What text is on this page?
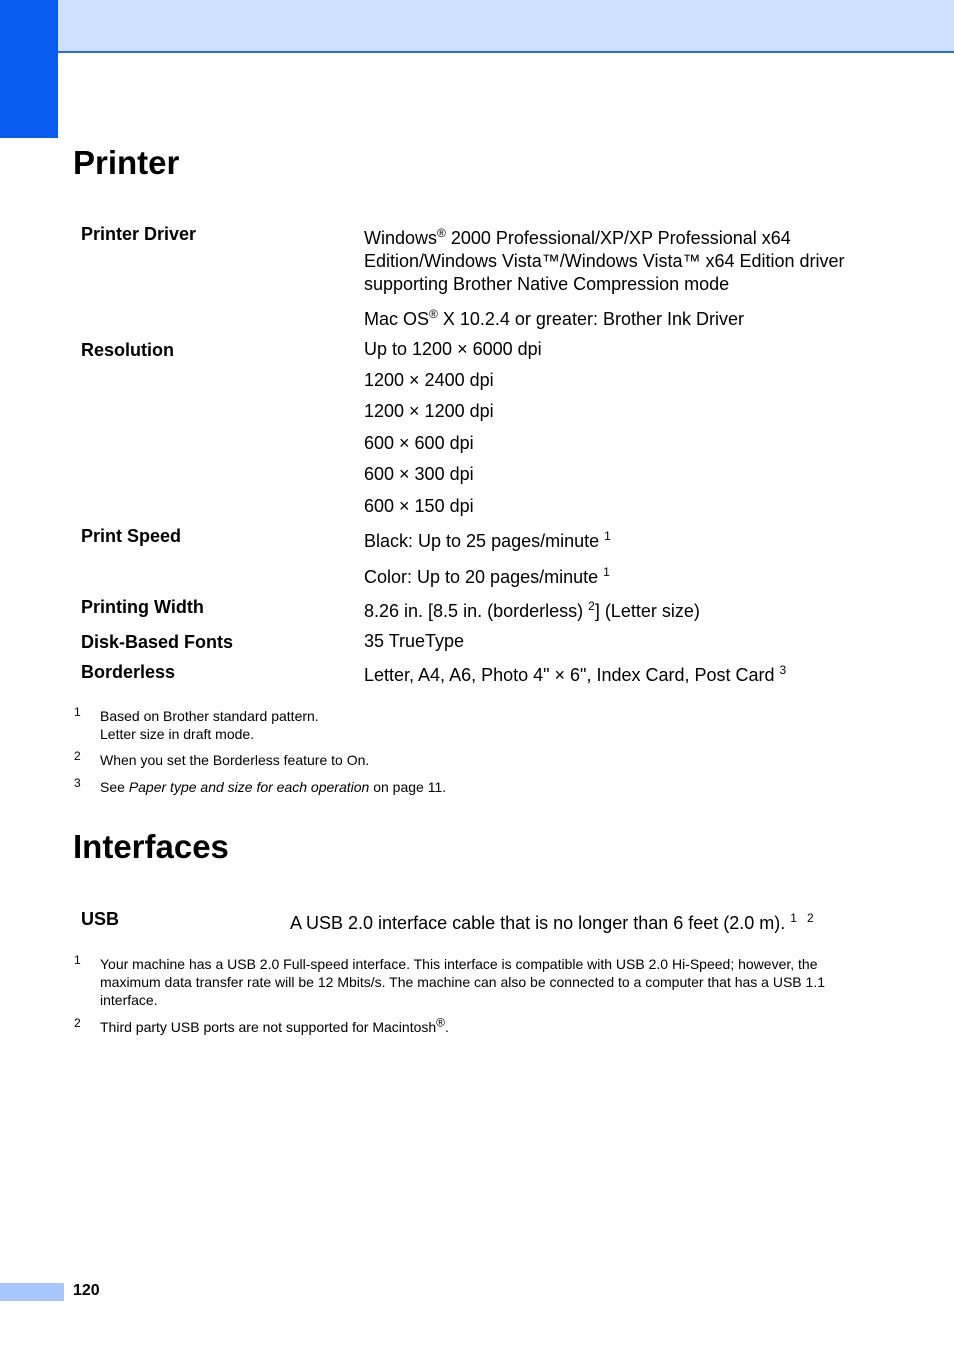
Printer
Printer Driver	Windows® 2000 Professional/XP/XP Professional x64
Edition/Windows Vista™/Windows Vista™ x64 Edition driver
supporting Brother Native Compression mode
Mac OS® X 10.2.4 or greater: Brother Ink Driver
Resolution	Up to 1200 × 6000 dpi
1200 × 2400 dpi
1200 × 1200 dpi
600 × 600 dpi
600 × 300 dpi
600 × 150 dpi
Print Speed	Black: Up to 25 pages/minute $^1$
Color: Up to 20 pages/minute $^1$
Printing Width	8.26 in. [8.5 in. (borderless) $^2$] (Letter size)
Disk-Based Fonts	35 TrueType
Borderless	Letter, A4, A6, Photo 4" × 6", Index Card, Post Card $^3$
1 Based on Brother standard pattern.
Letter size in draft mode.
2 When you set the Borderless feature to On.
3 See Paper type and size for each operation on page 11.
Interfaces
USB	A USB 2.0 interface cable that is no longer than 6 feet (2.0 m). $^1$ $^2$
1 Your machine has a USB 2.0 Full-speed interface. This interface is compatible with USB 2.0 Hi-Speed; however, the
maximum data transfer rate will be 12 Mbits/s. The machine can also be connected to a computer that has a USB 1.1
interface.
2 Third party USB ports are not supported for Macintosh®.
120
